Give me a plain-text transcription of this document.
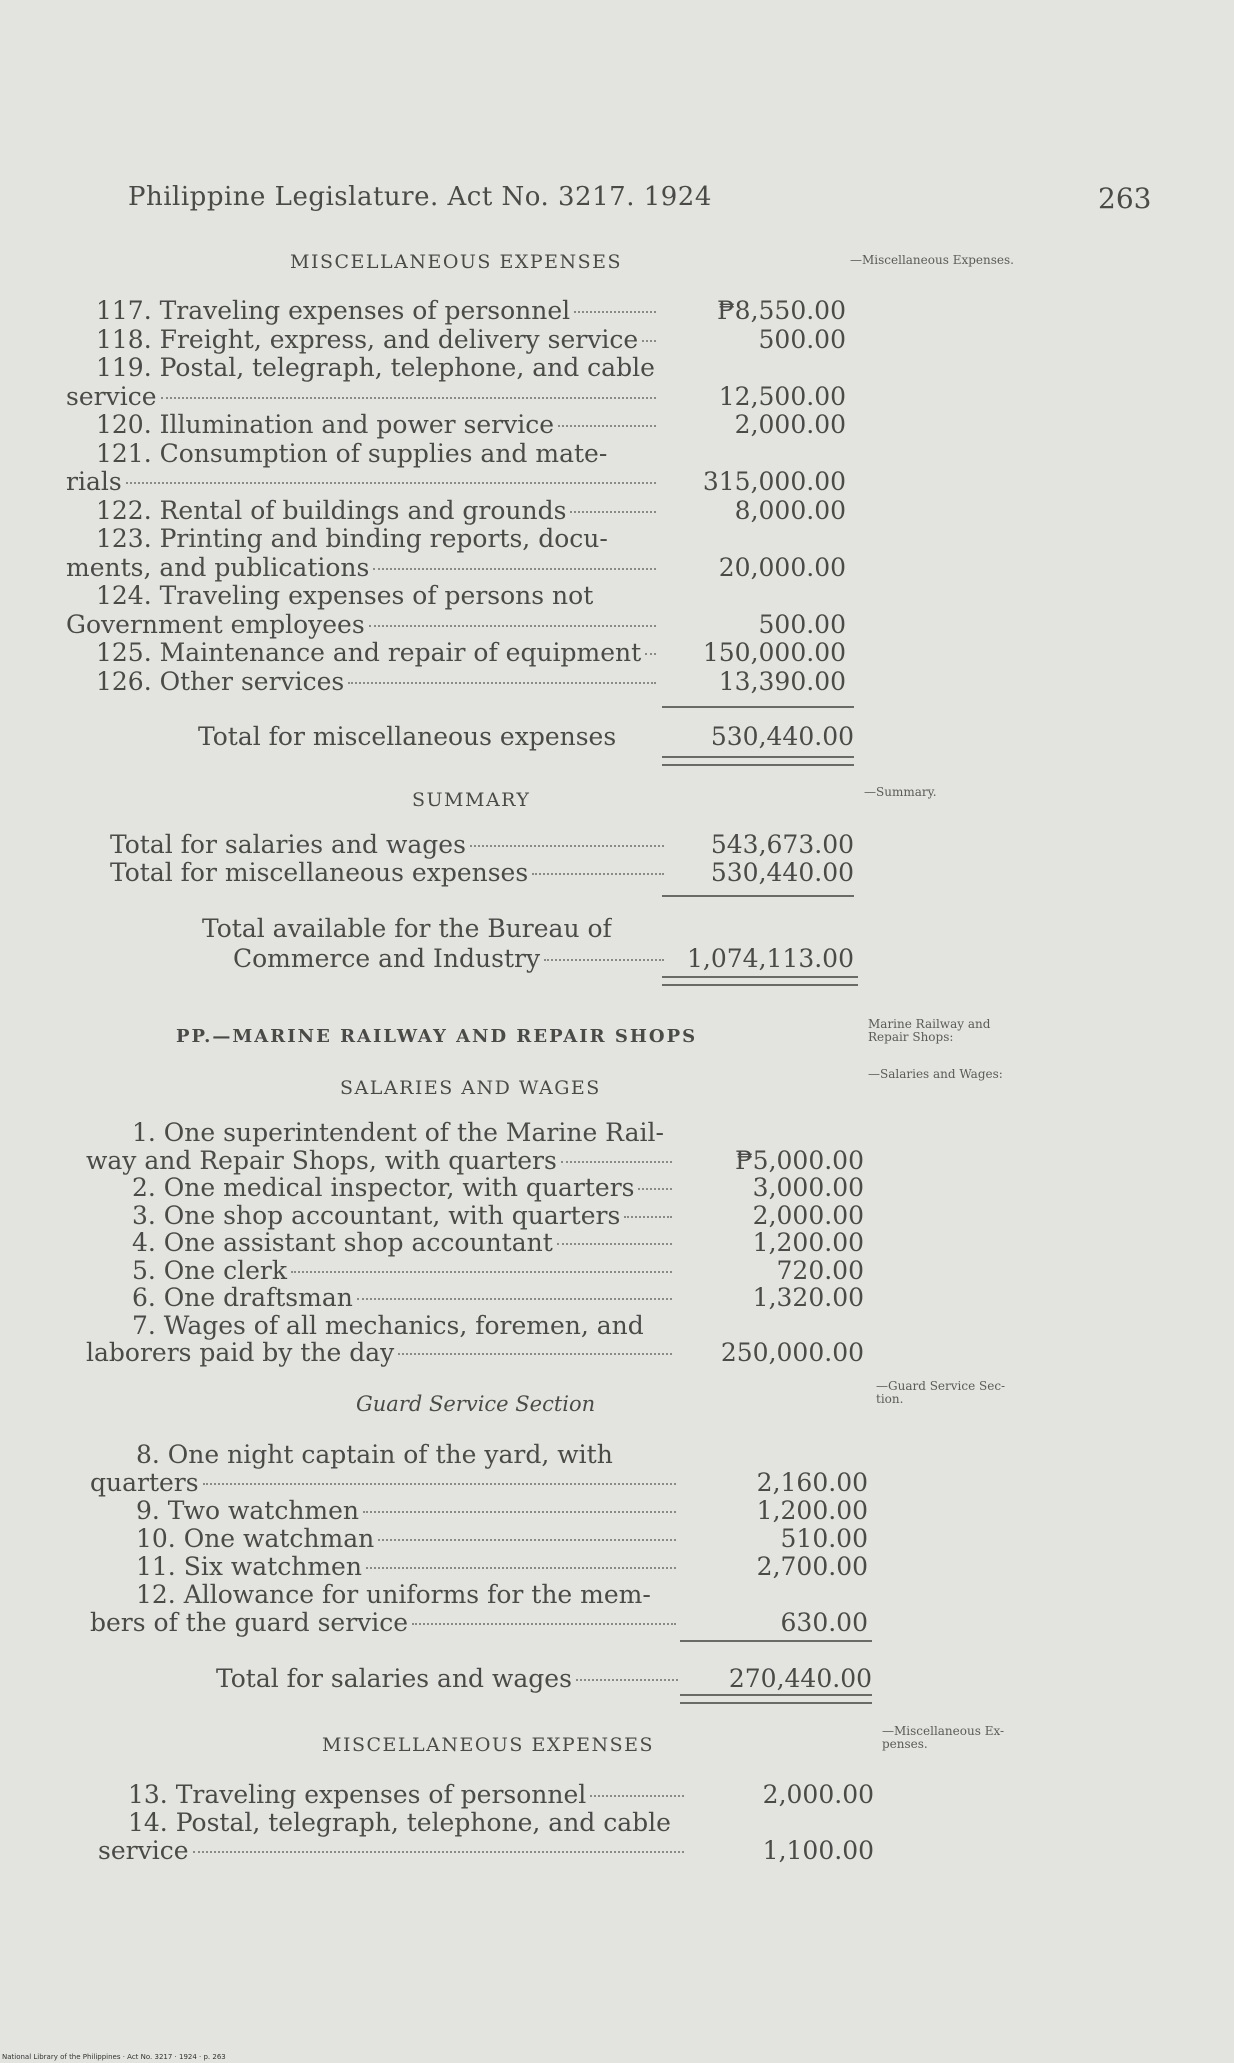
Philippine Legislature. Act No. 3217. 1924	263
MISCELLANEOUS EXPENSES	—Miscellaneous Expenses.
117. Traveling expenses of personnel	₱8,550.00
118. Freight, express, and delivery service	500.00
119. Postal, telegraph, telephone, and cable
service	12,500.00
120. Illumination and power service	2,000.00
121. Consumption of supplies and mate-
rials	315,000.00
122. Rental of buildings and grounds	8,000.00
123. Printing and binding reports, docu-
ments, and publications	20,000.00
124. Traveling expenses of persons not
Government employees	500.00
125. Maintenance and repair of equipment	150,000.00
126. Other services	13,390.00
Total for miscellaneous expenses	530,440.00
SUMMARY	—Summary.
Total for salaries and wages	543,673.00
Total for miscellaneous expenses	530,440.00
Total available for the Bureau of
Commerce and Industry	1,074,113.00
PP.—MARINE RAILWAY AND REPAIR SHOPS
Marine Railway and
Repair Shops:
SALARIES AND WAGES
—Salaries and Wages:
1. One superintendent of the Marine Rail-
way and Repair Shops, with quarters	₱5,000.00
2. One medical inspector, with quarters	3,000.00
3. One shop accountant, with quarters	2,000.00
4. One assistant shop accountant	1,200.00
5. One clerk	720.00
6. One draftsman	1,320.00
7. Wages of all mechanics, foremen, and
laborers paid by the day	250,000.00
Guard Service Section
—Guard Service Sec-
tion.
8. One night captain of the yard, with
quarters	2,160.00
9. Two watchmen	1,200.00
10. One watchman	510.00
11. Six watchmen	2,700.00
12. Allowance for uniforms for the mem-
bers of the guard service	630.00
Total for salaries and wages	270,440.00
MISCELLANEOUS EXPENSES
—Miscellaneous Ex-
penses.
13. Traveling expenses of personnel	2,000.00
14. Postal, telegraph, telephone, and cable
service	1,100.00
National Library of the Philippines · Act No. 3217 · 1924 · p. 263
